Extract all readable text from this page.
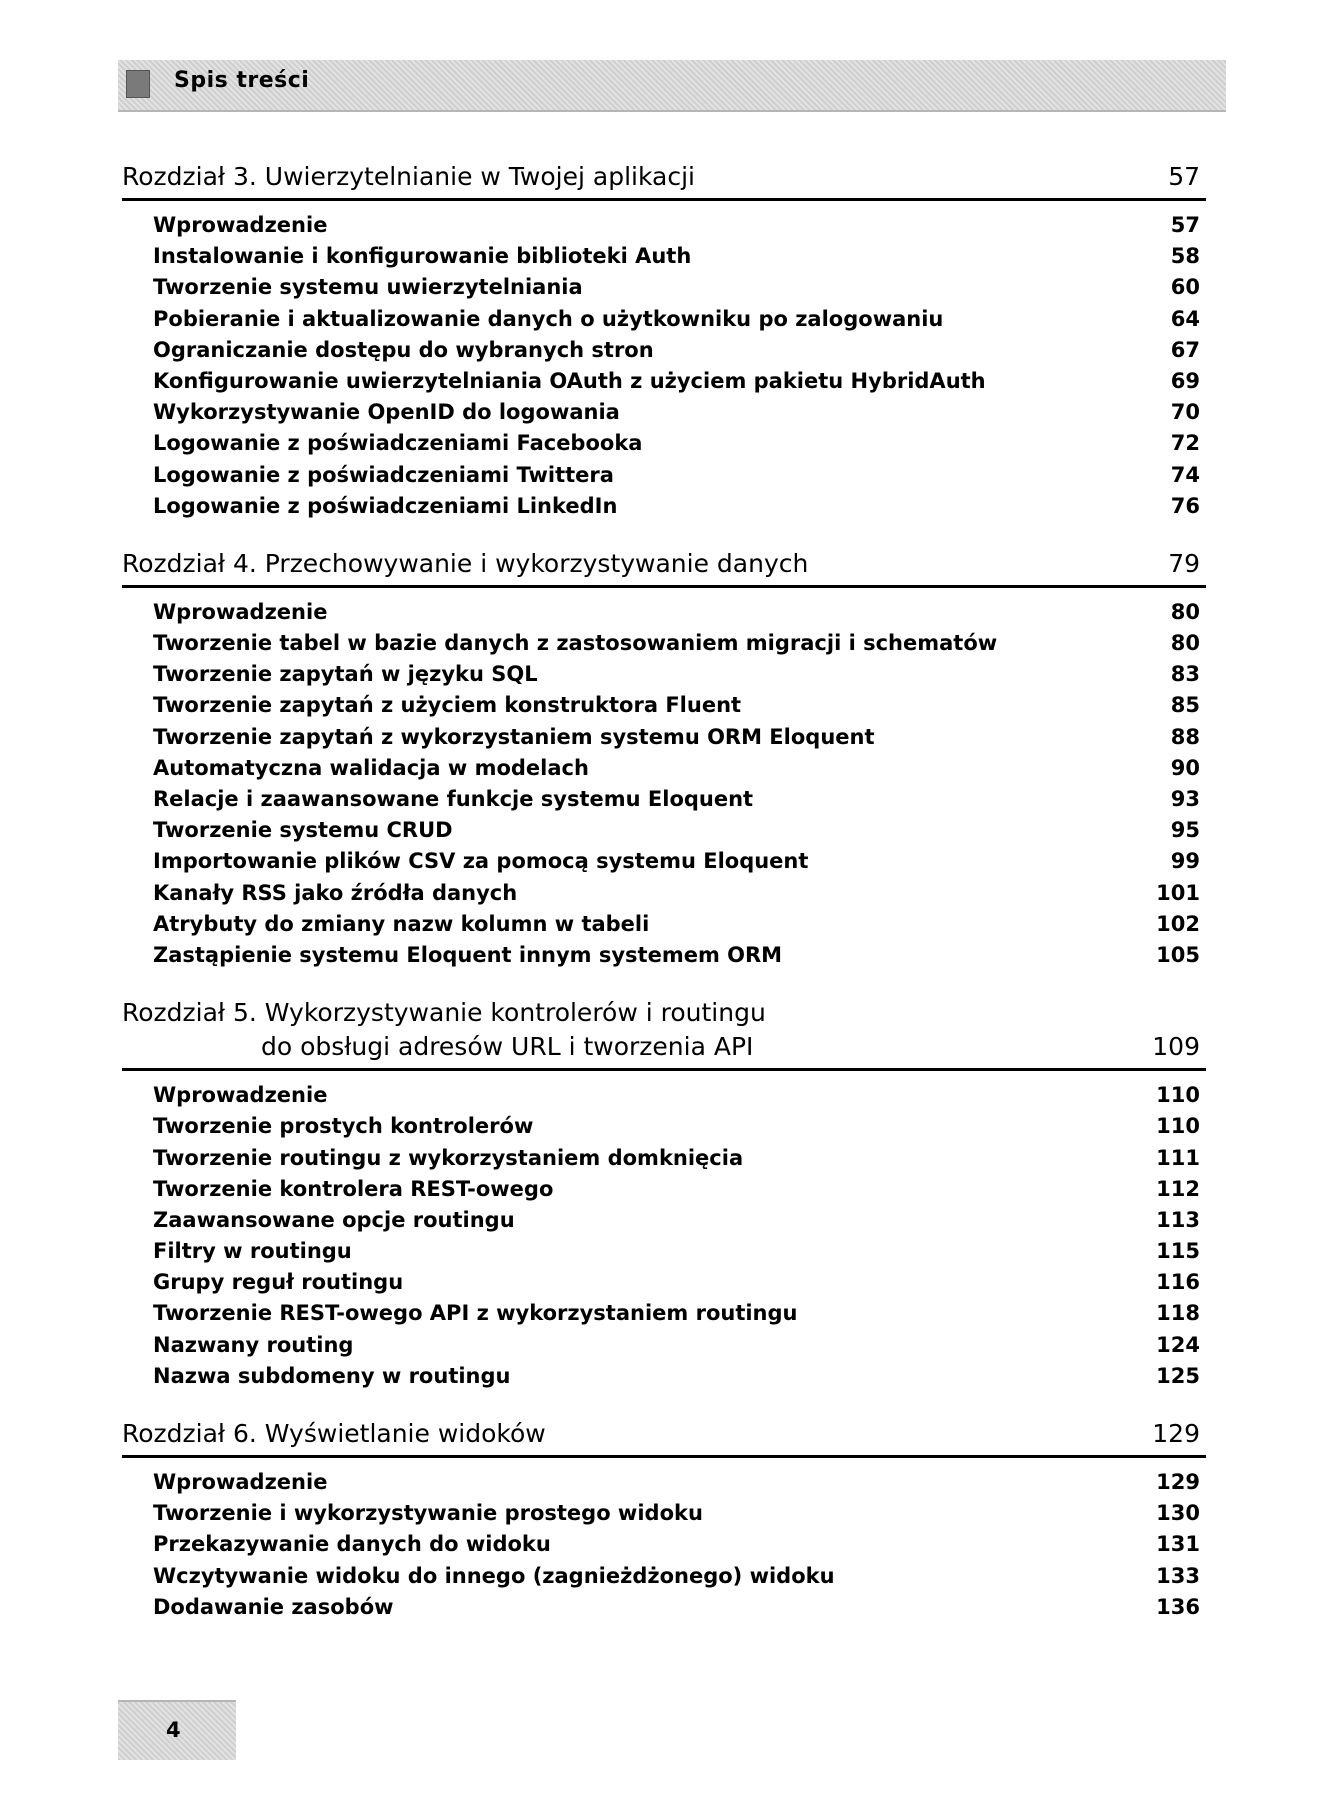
Spis treści
Rozdział 3. Uwierzytelnianie w Twojej aplikacji	57
Wprowadzenie	57
Instalowanie i konfigurowanie biblioteki Auth	58
Tworzenie systemu uwierzytelniania	60
Pobieranie i aktualizowanie danych o użytkowniku po zalogowaniu	64
Ograniczanie dostępu do wybranych stron	67
Konfigurowanie uwierzytelniania OAuth z użyciem pakietu HybridAuth	69
Wykorzystywanie OpenID do logowania	70
Logowanie z poświadczeniami Facebooka	72
Logowanie z poświadczeniami Twittera	74
Logowanie z poświadczeniami LinkedIn	76
Rozdział 4. Przechowywanie i wykorzystywanie danych	79
Wprowadzenie	80
Tworzenie tabel w bazie danych z zastosowaniem migracji i schematów	80
Tworzenie zapytań w języku SQL	83
Tworzenie zapytań z użyciem konstruktora Fluent	85
Tworzenie zapytań z wykorzystaniem systemu ORM Eloquent	88
Automatyczna walidacja w modelach	90
Relacje i zaawansowane funkcje systemu Eloquent	93
Tworzenie systemu CRUD	95
Importowanie plików CSV za pomocą systemu Eloquent	99
Kanały RSS jako źródła danych	101
Atrybuty do zmiany nazw kolumn w tabeli	102
Zastąpienie systemu Eloquent innym systemem ORM	105
Rozdział 5. Wykorzystywanie kontrolerów i routingu
do obsługi adresów URL i tworzenia API	109
Wprowadzenie	110
Tworzenie prostych kontrolerów	110
Tworzenie routingu z wykorzystaniem domknięcia	111
Tworzenie kontrolera REST-owego	112
Zaawansowane opcje routingu	113
Filtry w routingu	115
Grupy reguł routingu	116
Tworzenie REST-owego API z wykorzystaniem routingu	118
Nazwany routing	124
Nazwa subdomeny w routingu	125
Rozdział 6. Wyświetlanie widoków	129
Wprowadzenie	129
Tworzenie i wykorzystywanie prostego widoku	130
Przekazywanie danych do widoku	131
Wczytywanie widoku do innego (zagnieżdżonego) widoku	133
Dodawanie zasobów	136
4
